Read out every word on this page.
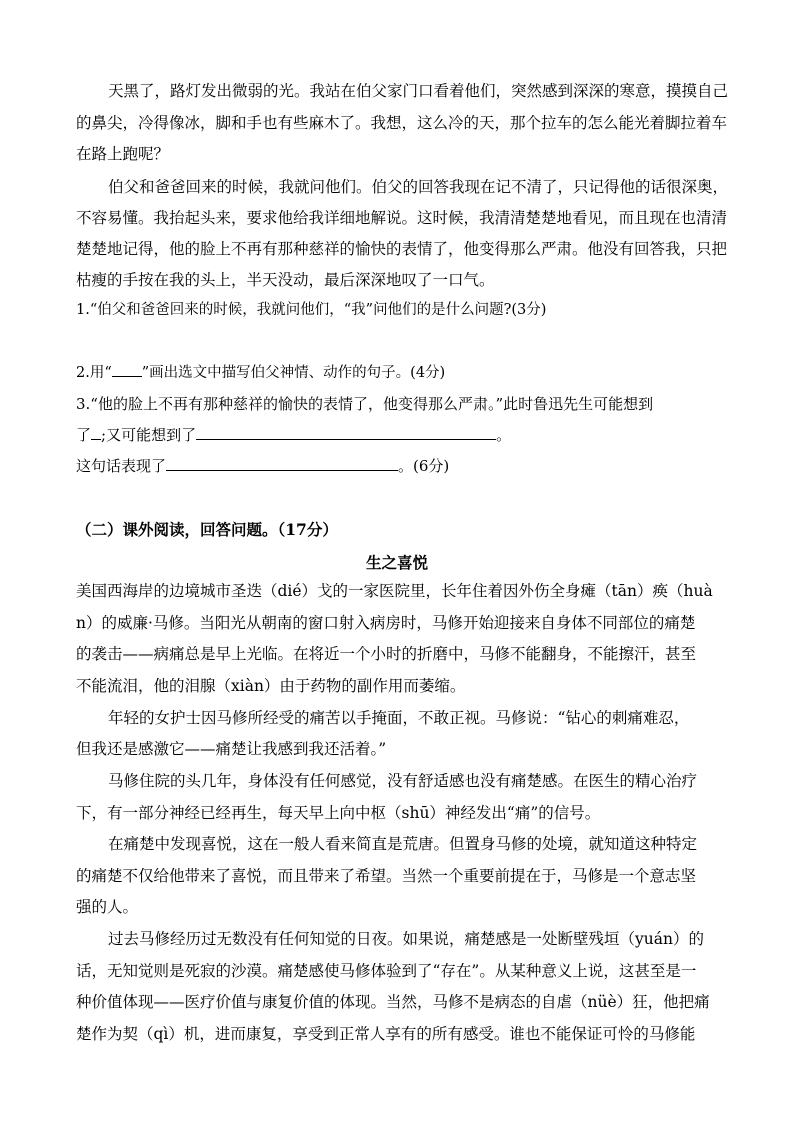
天黑了，路灯发出微弱的光。我站在伯父家门口看着他们，突然感到深深的寒意，摸摸自己
的鼻尖，冷得像冰，脚和手也有些麻木了。我想，这么冷的天，那个拉车的怎么能光着脚拉着车
在路上跑呢？
伯父和爸爸回来的时候，我就问他们。伯父的回答我现在记不清了，只记得他的话很深奥，
不容易懂。我抬起头来，要求他给我详细地解说。这时候，我清清楚楚地看见，而且现在也清清
楚楚地记得，他的脸上不再有那种慈祥的愉快的表情了，他变得那么严肃。他没有回答我，只把
枯瘦的手按在我的头上，半天没动，最后深深地叹了一口气。
1.“伯父和爸爸回来的时候，我就问他们，“我”问他们的是什么问题?(3分)
2.用“ ”画出选文中描写伯父神情、动作的句子。(4分)
3.“他的脸上不再有那种慈祥的愉快的表情了，他变得那么严肃。”此时鲁迅先生可能想到
了 ;又可能想到了	。
这句话表现了	。(6分)
（二）课外阅读，回答问题。（17分）
生之喜悦
美国西海岸的边境城市圣迭（dié）戈的一家医院里，长年住着因外伤全身瘫（tān）痪（huà
n）的威廉·马修。当阳光从朝南的窗口射入病房时，马修开始迎接来自身体不同部位的痛楚
的袭击——病痛总是早上光临。在将近一个小时的折磨中，马修不能翻身，不能擦汗，甚至
不能流泪，他的泪腺（xiàn）由于药物的副作用而萎缩。
年轻的女护士因马修所经受的痛苦以手掩面，不敢正视。马修说：“钻心的刺痛难忍，
但我还是感激它——痛楚让我感到我还活着。”
马修住院的头几年，身体没有任何感觉，没有舒适感也没有痛楚感。在医生的精心治疗
下，有一部分神经已经再生，每天早上向中枢（shū）神经发出“痛”的信号。
在痛楚中发现喜悦，这在一般人看来简直是荒唐。但置身马修的处境，就知道这种特定
的痛楚不仅给他带来了喜悦，而且带来了希望。当然一个重要前提在于，马修是一个意志坚
强的人。
过去马修经历过无数没有任何知觉的日夜。如果说，痛楚感是一处断壁残垣（yuán）的
话，无知觉则是死寂的沙漠。痛楚感使马修体验到了“存在”。从某种意义上说，这甚至是一
种价值体现——医疗价值与康复价值的体现。当然，马修不是病态的自虐（nüè）狂，他把痛
楚作为契（qì）机，进而康复，享受到正常人享有的所有感受。谁也不能保证可怜的马修能
